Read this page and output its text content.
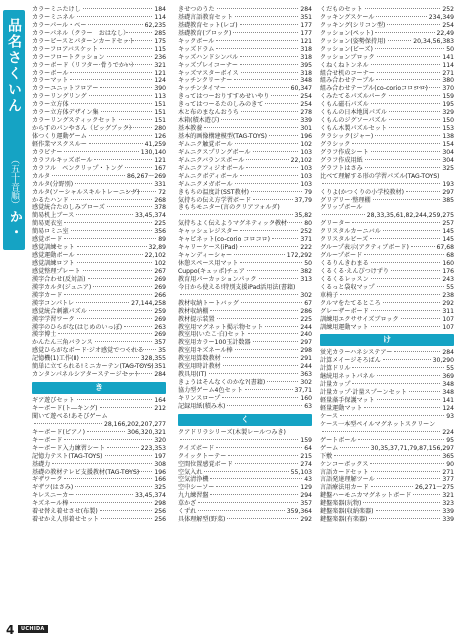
品名さくいん
（五十音順）
か・
4	UCHIDA
カラーミニたけし	184
カラーミニネル	114
カラーパール・ベー	62,235
カラーパネル（クラー　おはなし）	285
カラーピースとパターンカードセット	175
カラーフロアバスケット	115
カラーフロートクッション	236
カラーボード（リフター·骨うでかい）	321
カラーボール	121
カラーマット	124
カラーユニットフロアー	390
カラーリングリング	113
カラー立方体	151
カラー立方体デザイン集	151
カラーリングスティックセット	151
からすのパンやさん（ビッグブック）	280
体つくり運動ゲーム	126
軽作業マスクスルー	41,259
カラビナー	130,140
カラフルキッズボール	121
カラフル　ベンクリップ・トング	167
カルタ	86,267〜269
カルタ(分野別)	331
カルタ(ソーシャルスキルトレーニング)	72
かるたハンド	268
感覚統合たのしみブローズ	378
簡易机上ブース	33,45,374
簡易更衣室	225
簡易ロミニ室	356
感覚ボード	89
感覚訓練セット	32,89
感覚運動ボール	22,102
感覚訓練ロフト	102
感覚整理プレート	267
漢字合わせ(反対語)	269
漢字カルタ(ジュニア)	269
漢字カード	266
漢字コンパトレ	27,144,258
感覚統合刺激パズル	259
漢字学習ワーク	269
漢字のひらがな(はじめのいっぽ)	263
漢字博士	269
かんたん三角バランス	357
感覚ひらがなボード·ジオ感覚でつくれる 35
記憶機(1)工作(Ⅱ)	328,355
簡単に立てられる!ミニカーテン(TAG-TOYS) 351
カンタンパネルシアターステージセット 284
き
ギア遊びセット	164
キーボード(ト―キング)	212
聞いて遊べる!あそびゲーム
28,166,202,207,277
キーボード(ピアノ)	306,320,321
キーボード	320
キーボード入力練習シート	223,353
記憶力テスト(TAG-TOYS)	197
基礎力	308
基礎の教材テレビ支援教材(TAG-TOYS) 196
ギザワーク	166
ギザツ(はさみ)	325
キレスニーカー	33,45,374
キズネール棒	298
着せ替え着せさせ(布製)	256
着せかえ人形着せセット	256
きせつのうた	284
基礎言語教育セット	351
基礎教育セット(レゴ)	177
基礎教育(ブロック)	177
キックボール	121
キッズドラム	318
キッズハンドシンバル	318
キッズプレイコーナー	395
キッズマスターボイス	318
キッチンクリーナー	348
キッチンタイマー	60,347
きってはつーおりすすめせいやり	254
きってはつーるたのしみのきて	254
木と布のまなんおうち	278
木箱(積木遊び)	339
基本教養	301
基本的画像構建模型(TAG-TOYS)	196
ギムニク触覚ボール	102
ギムニクスプリングボール	103
ギムニクバランスボール	22,102
ギムニクフィジオボール	103
ギムニクボディボール	103
ギムニクメガボール	103
きもちの温度計(SST教材)	79
気持ちの伝え方学習ボード	37,79
きもちモニター(言のクリアフォルダ)
35,82
気持ちよく伝えようマグネティック教材	80
キャッシュレジスター	252
キャピネット(co-corio コロコロ)	371
キャリーケース(iPad)	222
キャンディーシャー	172,292
休憩スペース用マット	50
Cuppo(キュッポ)チェア	382
教育用パーカッションパック	313
今日から使える!特別支援iPad活用法(書籍)
302
教材収納トートバッグ	67
教材収納棚	286
教材提示装置	225
教室用マグネット掲示物セット	244
教室用(いたこ·白)セット	240
教室用カラー100玉計数器	297
教室用キズネール棒	298
教室用算数教材	291
教室用時計教材	244
教具用(IT)	363
きょうはそんなくのかな?(書籍)	302
協力型ゲーム4色セット	37,71
キリンスロープ	160
記録用紙(積み木)	63
く
クアドリラシリーズ(木製レールつみき)
159
クイズボード	64
クイックトーテー	215
空間位置感覚ボード	274
空気入れ	55,103
空気清浄機	43
空中シーソー	129
九九練習盤	294
草かざ	357
くずれ	359,364
具体理解型(野菜)	292
くだものセット	252
クッキングスケール	234,349
クッキング(シリコン型)	254
クッション(ペット)	22,49
クッション(姿勢保持用)	20,34,56,383
クッション(ビーズ)	50
クッションブロック	141
くねくねトンネル	114
組合せ机のコーナー	271
組み合わせテーブル	380
組み合わせテーブル(co-corioコロコロ) 370
くみたてるパズルパーク	159
くもん磁石パズル	195
くもんの日本地図パズル	329
くもんのジグソーパズル	150
くもん木製パズルセット	153
クラシック(ジャー)	138
グラシック	154
グラフ作成シート	304
グラフ作成用紙	304
グラフトはさみ	325
比べて理解する形の学習パズル(TAG-TOYS)
193
くりよ(かつくりの小学校教材)	297
グリデリー·整理棚	385
グリップボール
28,33,35,61,82,244,259,275
グリーター	257
クリスタルカーニバル	145
クリスタルビーズ	145
グループ表示(アクティブボード)	67,68
グループボード	68
くるりんきわまる	160
くるくる·えんぴつけずり	176
くるくるレッスン	243
くるっと袋収マップ	55
車椅子	238
クルマをたてるところ	292
グレーザーボード	311
訓練用エクササイズブロック	107
訓練用運動マット	107
け
蛍光カラーハネシステアー	284
計算メイージそろばん	30,290
計算ドリル	55
継続用ネットパネル	369
計量カップ	348
計量カップ·計量スプーンセット	348
軽量藻手保護マット	141
軽量運動マット	124
ケース	93
ケース一本型ペイルマグネットスクリーン
224
ゲートボール	95
ゲーム	30,35,37,71,79,87,156,297
下敷	365
ケンコーボックス	90
言語カードセット	271
言語発達理解ツール	377
言語療法用カード	26,271〜275
鍵盤ハーモニカマグネットボード	321
鍵盤楽器(玩物)	323
鍵盤楽器(収納楽器)	339
鍵盤楽器(有楽器)	339
